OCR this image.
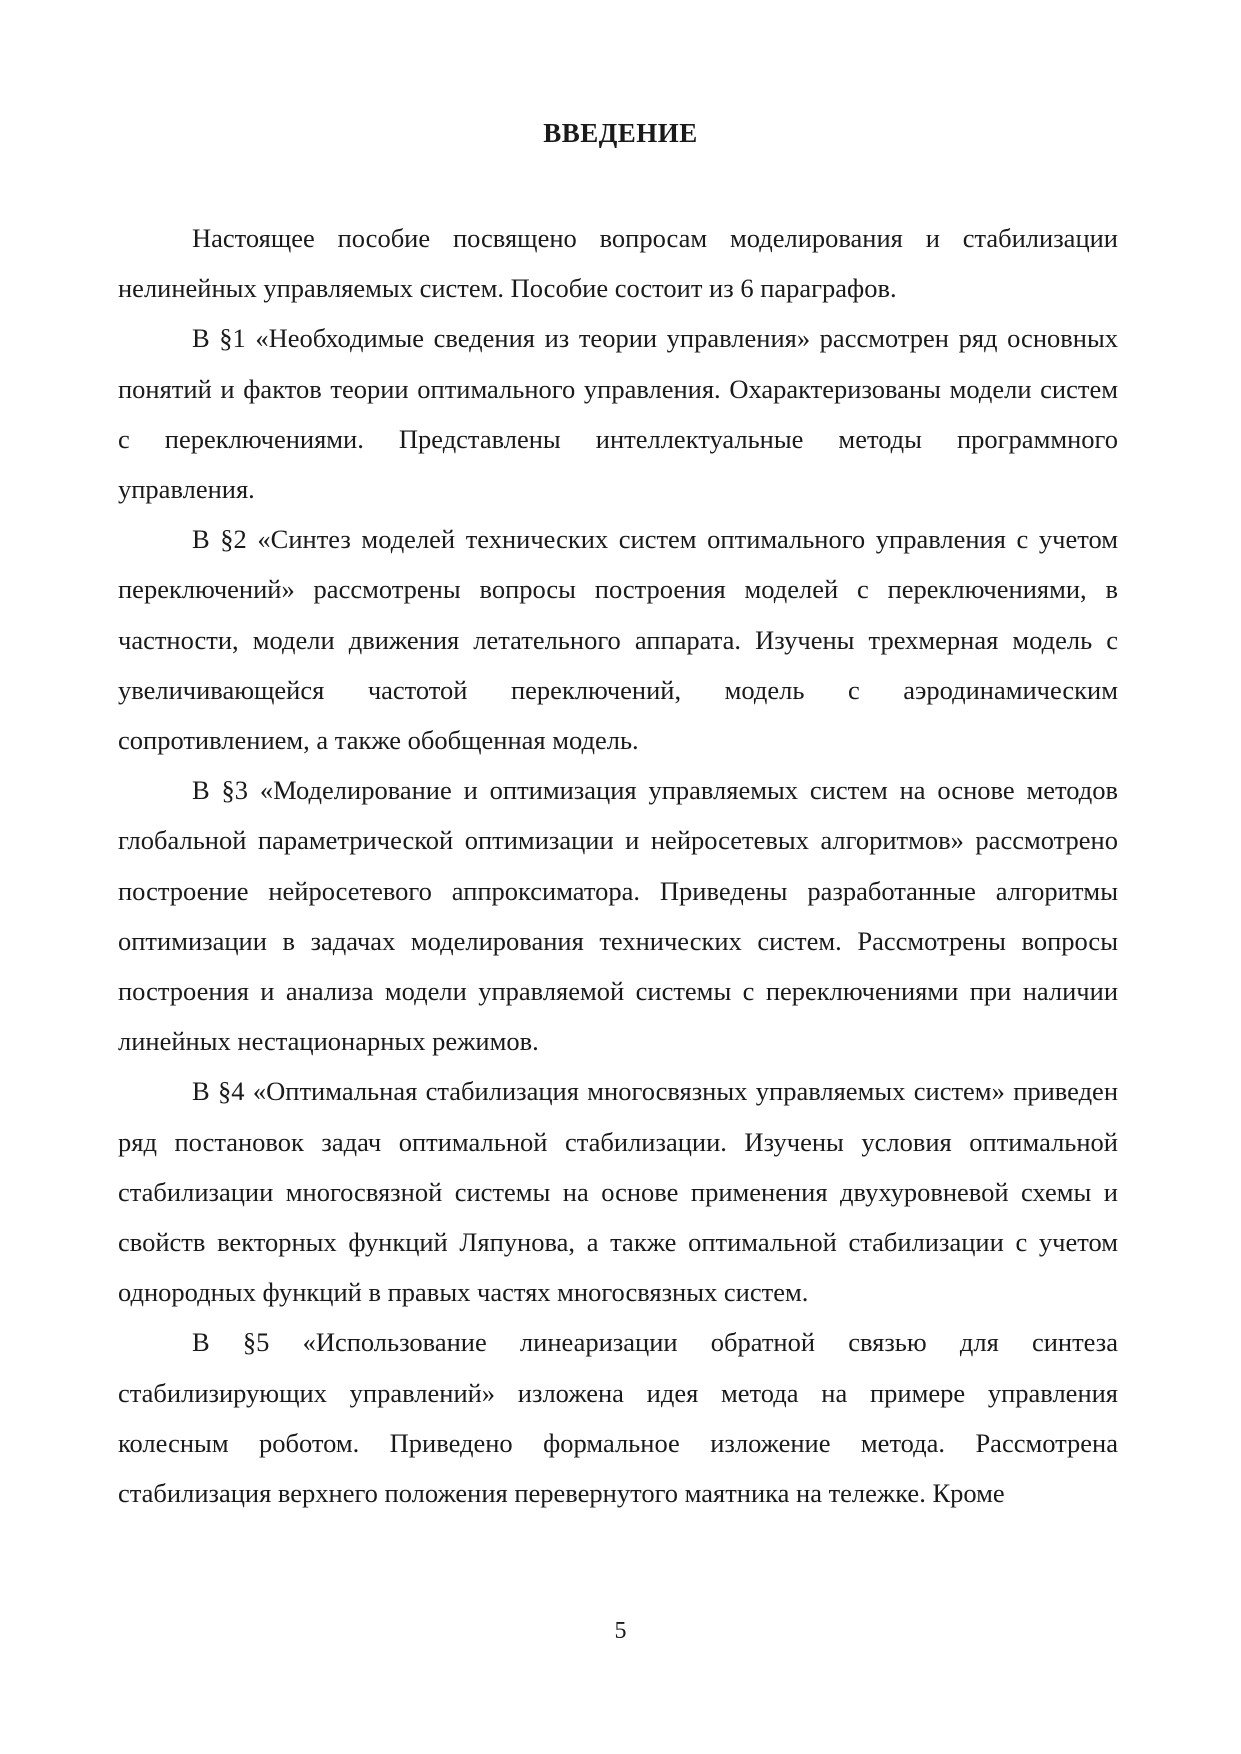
ВВЕДЕНИЕ

Настоящее пособие посвящено вопросам моделирования и стабилизации нелинейных управляемых систем. Пособие состоит из 6 параграфов.

В §1 «Необходимые сведения из теории управления» рассмотрен ряд основных понятий и фактов теории оптимального управления. Охарактеризованы модели систем с переключениями. Представлены интеллектуальные методы программного управления.

В §2 «Синтез моделей технических систем оптимального управления с учетом переключений» рассмотрены вопросы построения моделей с переключениями, в частности, модели движения летательного аппарата. Изучены трехмерная модель с увеличивающейся частотой переключений, модель с аэродинамическим сопротивлением, а также обобщенная модель.

В §3 «Моделирование и оптимизация управляемых систем на основе методов глобальной параметрической оптимизации и нейросетевых алгоритмов» рассмотрено построение нейросетевого аппроксиматора. Приведены разработанные алгоритмы оптимизации в задачах моделирования технических систем. Рассмотрены вопросы построения и анализа модели управляемой системы с переключениями при наличии линейных нестационарных режимов.

В §4 «Оптимальная стабилизация многосвязных управляемых систем» приведен ряд постановок задач оптимальной стабилизации. Изучены условия оптимальной стабилизации многосвязной системы на основе применения двухуровневой схемы и свойств векторных функций Ляпунова, а также оптимальной стабилизации с учетом однородных функций в правых частях многосвязных систем.

В §5 «Использование линеаризации обратной связью для синтеза стабилизирующих управлений» изложена идея метода на примере управления колесным роботом. Приведено формальное изложение метода. Рассмотрена стабилизация верхнего положения перевернутого маятника на тележке. Кроме

5
